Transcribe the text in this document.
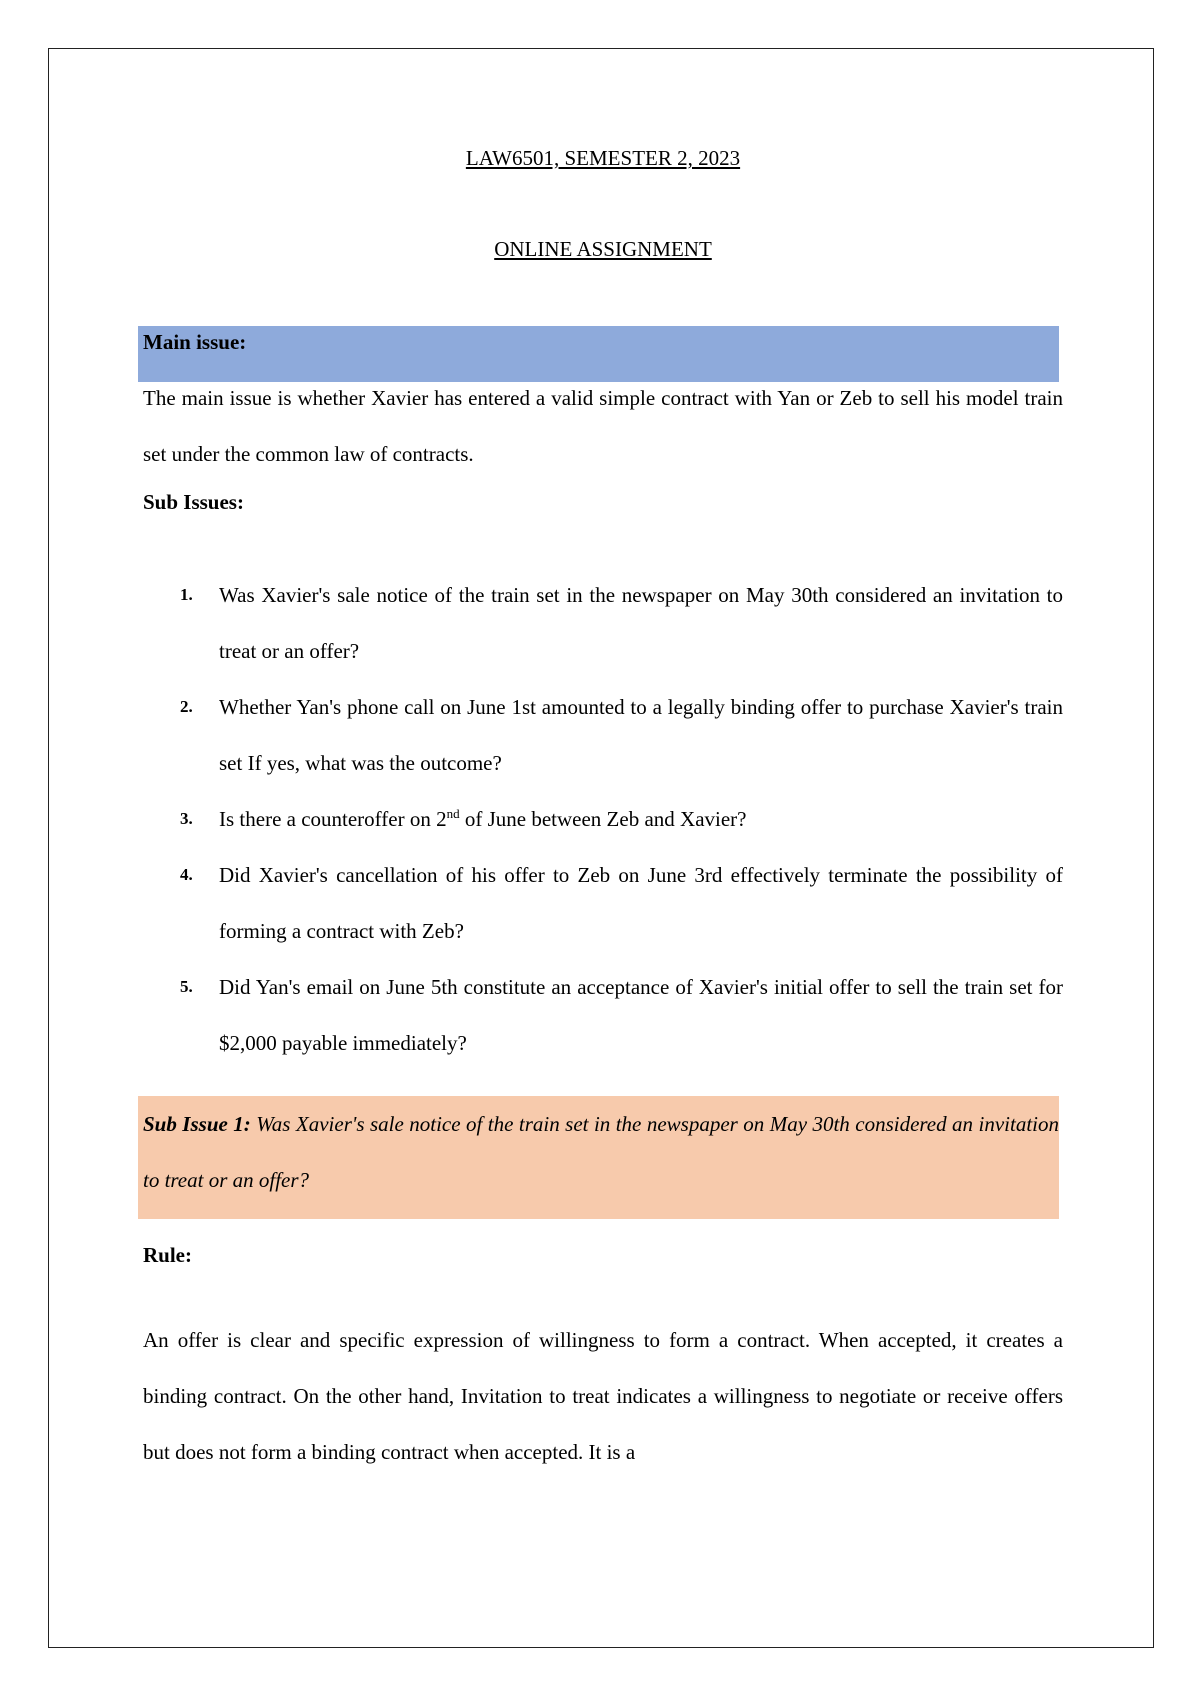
LAW6501, SEMESTER 2, 2023
ONLINE ASSIGNMENT
Main issue:
The main issue is whether Xavier has entered a valid simple contract with Yan or Zeb to sell his model train set under the common law of contracts.
Sub Issues:
1. Was Xavier's sale notice of the train set in the newspaper on May 30th considered an invitation to treat or an offer?
2. Whether Yan's phone call on June 1st amounted to a legally binding offer to purchase Xavier's train set If yes, what was the outcome?
3. Is there a counteroffer on 2nd of June between Zeb and Xavier?
4. Did Xavier's cancellation of his offer to Zeb on June 3rd effectively terminate the possibility of forming a contract with Zeb?
5. Did Yan's email on June 5th constitute an acceptance of Xavier's initial offer to sell the train set for $2,000 payable immediately?
Sub Issue 1: Was Xavier's sale notice of the train set in the newspaper on May 30th considered an invitation to treat or an offer?
Rule:
An offer is clear and specific expression of willingness to form a contract. When accepted, it creates a binding contract. On the other hand, Invitation to treat indicates a willingness to negotiate or receive offers but does not form a binding contract when accepted. It is a
